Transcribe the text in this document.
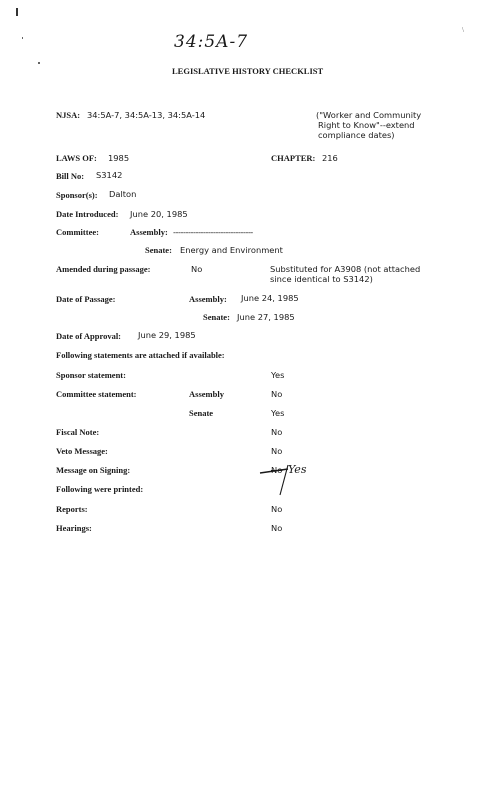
\
34:5A-7
LEGISLATIVE HISTORY CHECKLIST
NJSA: 34:5A-7, 34:5A-13, 34:5A-14	("Worker and Community
Right to Know"--extend
compliance dates)
LAWS OF: 1985	CHAPTER: 216
Bill No: S3142
Sponsor(s): Dalton
Date Introduced: June 20, 1985
Committee:	Assembly: --------------------------------
Senate: Energy and Environment
Amended during passage:	No	Substituted for A3908 (not attached
since identical to S3142)
Date of Passage:	Assembly: June 24, 1985
Senate: June 27, 1985
Date of Approval: June 29, 1985
Following statements are attached if available:
Sponsor statement:	Yes
Committee statement:	Assembly	No
Senate	Yes
Fiscal Note:	No
Veto Message:	No
Message on Signing:	No Yes
Following were printed:
Reports:	No
Hearings:	No
